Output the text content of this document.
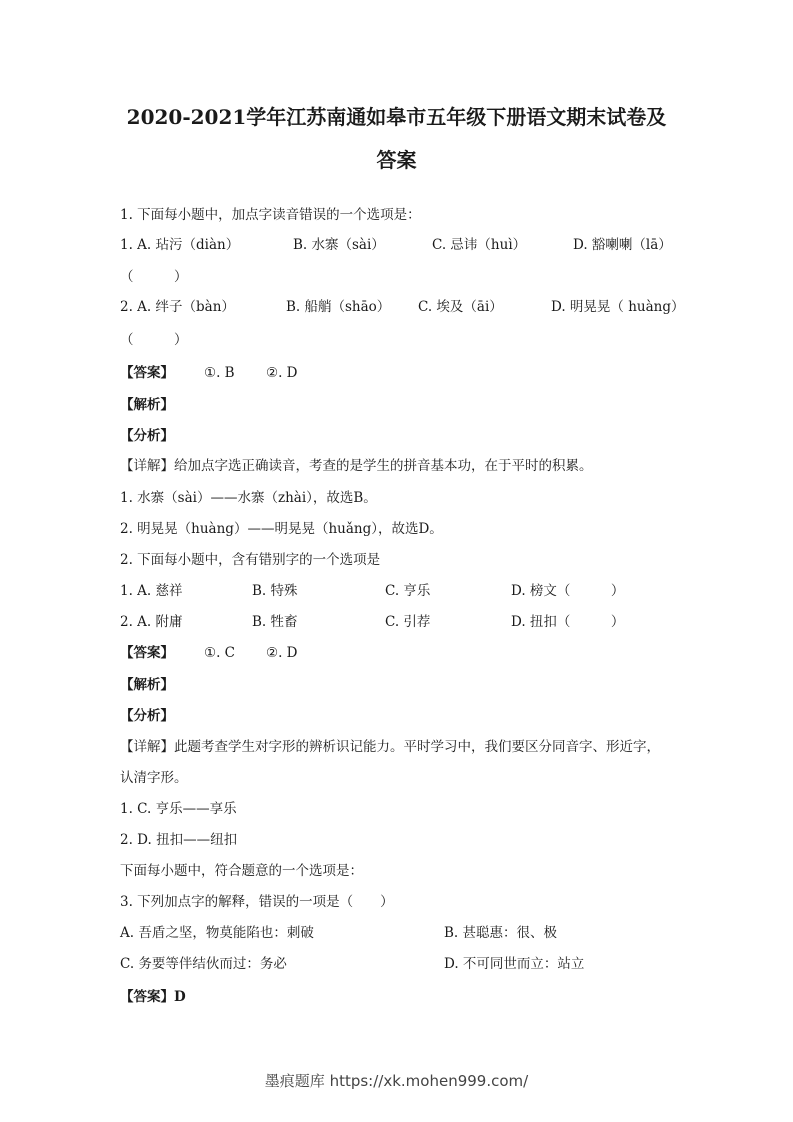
2020-2021学年江苏南通如皋市五年级下册语文期末试卷及
答案
1. 下面每小题中，加点字读音错误的一个选项是：
1. A. 玷污（diàn）	B. 水寨（sài）	C. 忌讳（huì）	D. 豁喇喇（lā）
（　　　）
2. A. 绊子（bàn）	B. 船艄（shāo） C. 埃及（āi）	D. 明晃晃（ huàng）
（　　　）
【答案】 ①. B ②. D
【解析】
【分析】
【详解】给加点字选正确读音，考查的是学生的拼音基本功，在于平时的积累。
1. 水寨（sài）——水寨（zhài），故选B。
2. 明晃晃（huàng）——明晃晃（huǎng），故选D。
2. 下面每小题中，含有错别字的一个选项是
1. A. 慈祥	B. 特殊	C. 亨乐	D. 榜文（　　　）
2. A. 附庸	B. 牲畜	C. 引荐	D. 扭扣（　　　）
【答案】 ①. C ②. D
【解析】
【分析】
【详解】此题考查学生对字形的辨析识记能力。平时学习中，我们要区分同音字、形近字，
认清字形。
1. C. 亨乐——享乐
2. D. 扭扣——纽扣
下面每小题中，符合题意的一个选项是：
3. 下列加点字的解释，错误的一项是（　　）
A. 吾盾之坚，物莫能陷也：刺破	B. 甚聪惠：很、极
C. 务要等伴结伙而过：务必	D. 不可同世而立：站立
【答案】D
墨痕题库 https://xk.mohen999.com/
